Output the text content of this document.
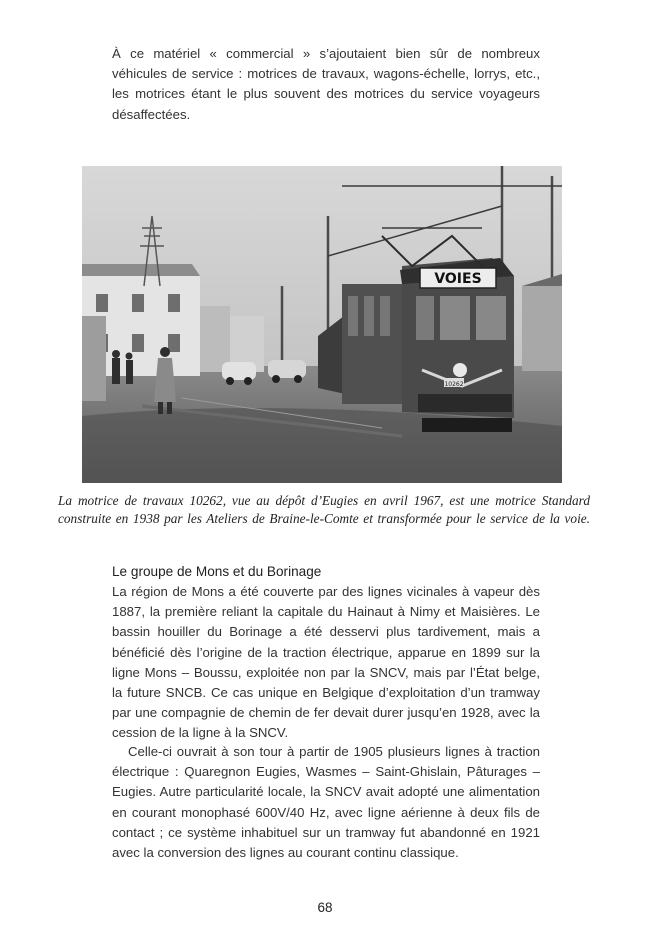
À ce matériel « commercial » s’ajoutaient bien sûr de nombreux véhicules de service : motrices de travaux, wagons-échelle, lorrys, etc., les motrices étant le plus souvent des motrices du service voyageurs désaffectées.

VOIES
10262

La motrice de travaux 10262, vue au dépôt d’Eugies en avril 1967, est une motrice Standard construite en 1938 par les Ateliers de Braine-le-Comte et transformée pour le service de la voie.

Le groupe de Mons et du Borinage

La région de Mons a été couverte par des lignes vicinales à vapeur dès 1887, la première reliant la capitale du Hainaut à Nimy et Maisières. Le bassin houiller du Borinage a été desservi plus tardivement, mais a bénéficié dès l’origine de la traction électrique, apparue en 1899 sur la ligne Mons – Boussu, exploitée non par la SNCV, mais par l’État belge, la future SNCB. Ce cas unique en Belgique d’exploitation d’un tramway par une compagnie de chemin de fer devait durer jusqu’en 1928, avec la cession de la ligne à la SNCV.

Celle-ci ouvrait à son tour à partir de 1905 plusieurs lignes à traction électrique : Quaregnon Eugies, Wasmes – Saint-Ghislain, Pâturages – Eugies. Autre particularité locale, la SNCV avait adopté une alimentation en courant monophasé 600V/40 Hz, avec ligne aérienne à deux fils de contact ; ce système inhabituel sur un tramway fut abandonné en 1921 avec la conversion des lignes au courant continu classique.

68
